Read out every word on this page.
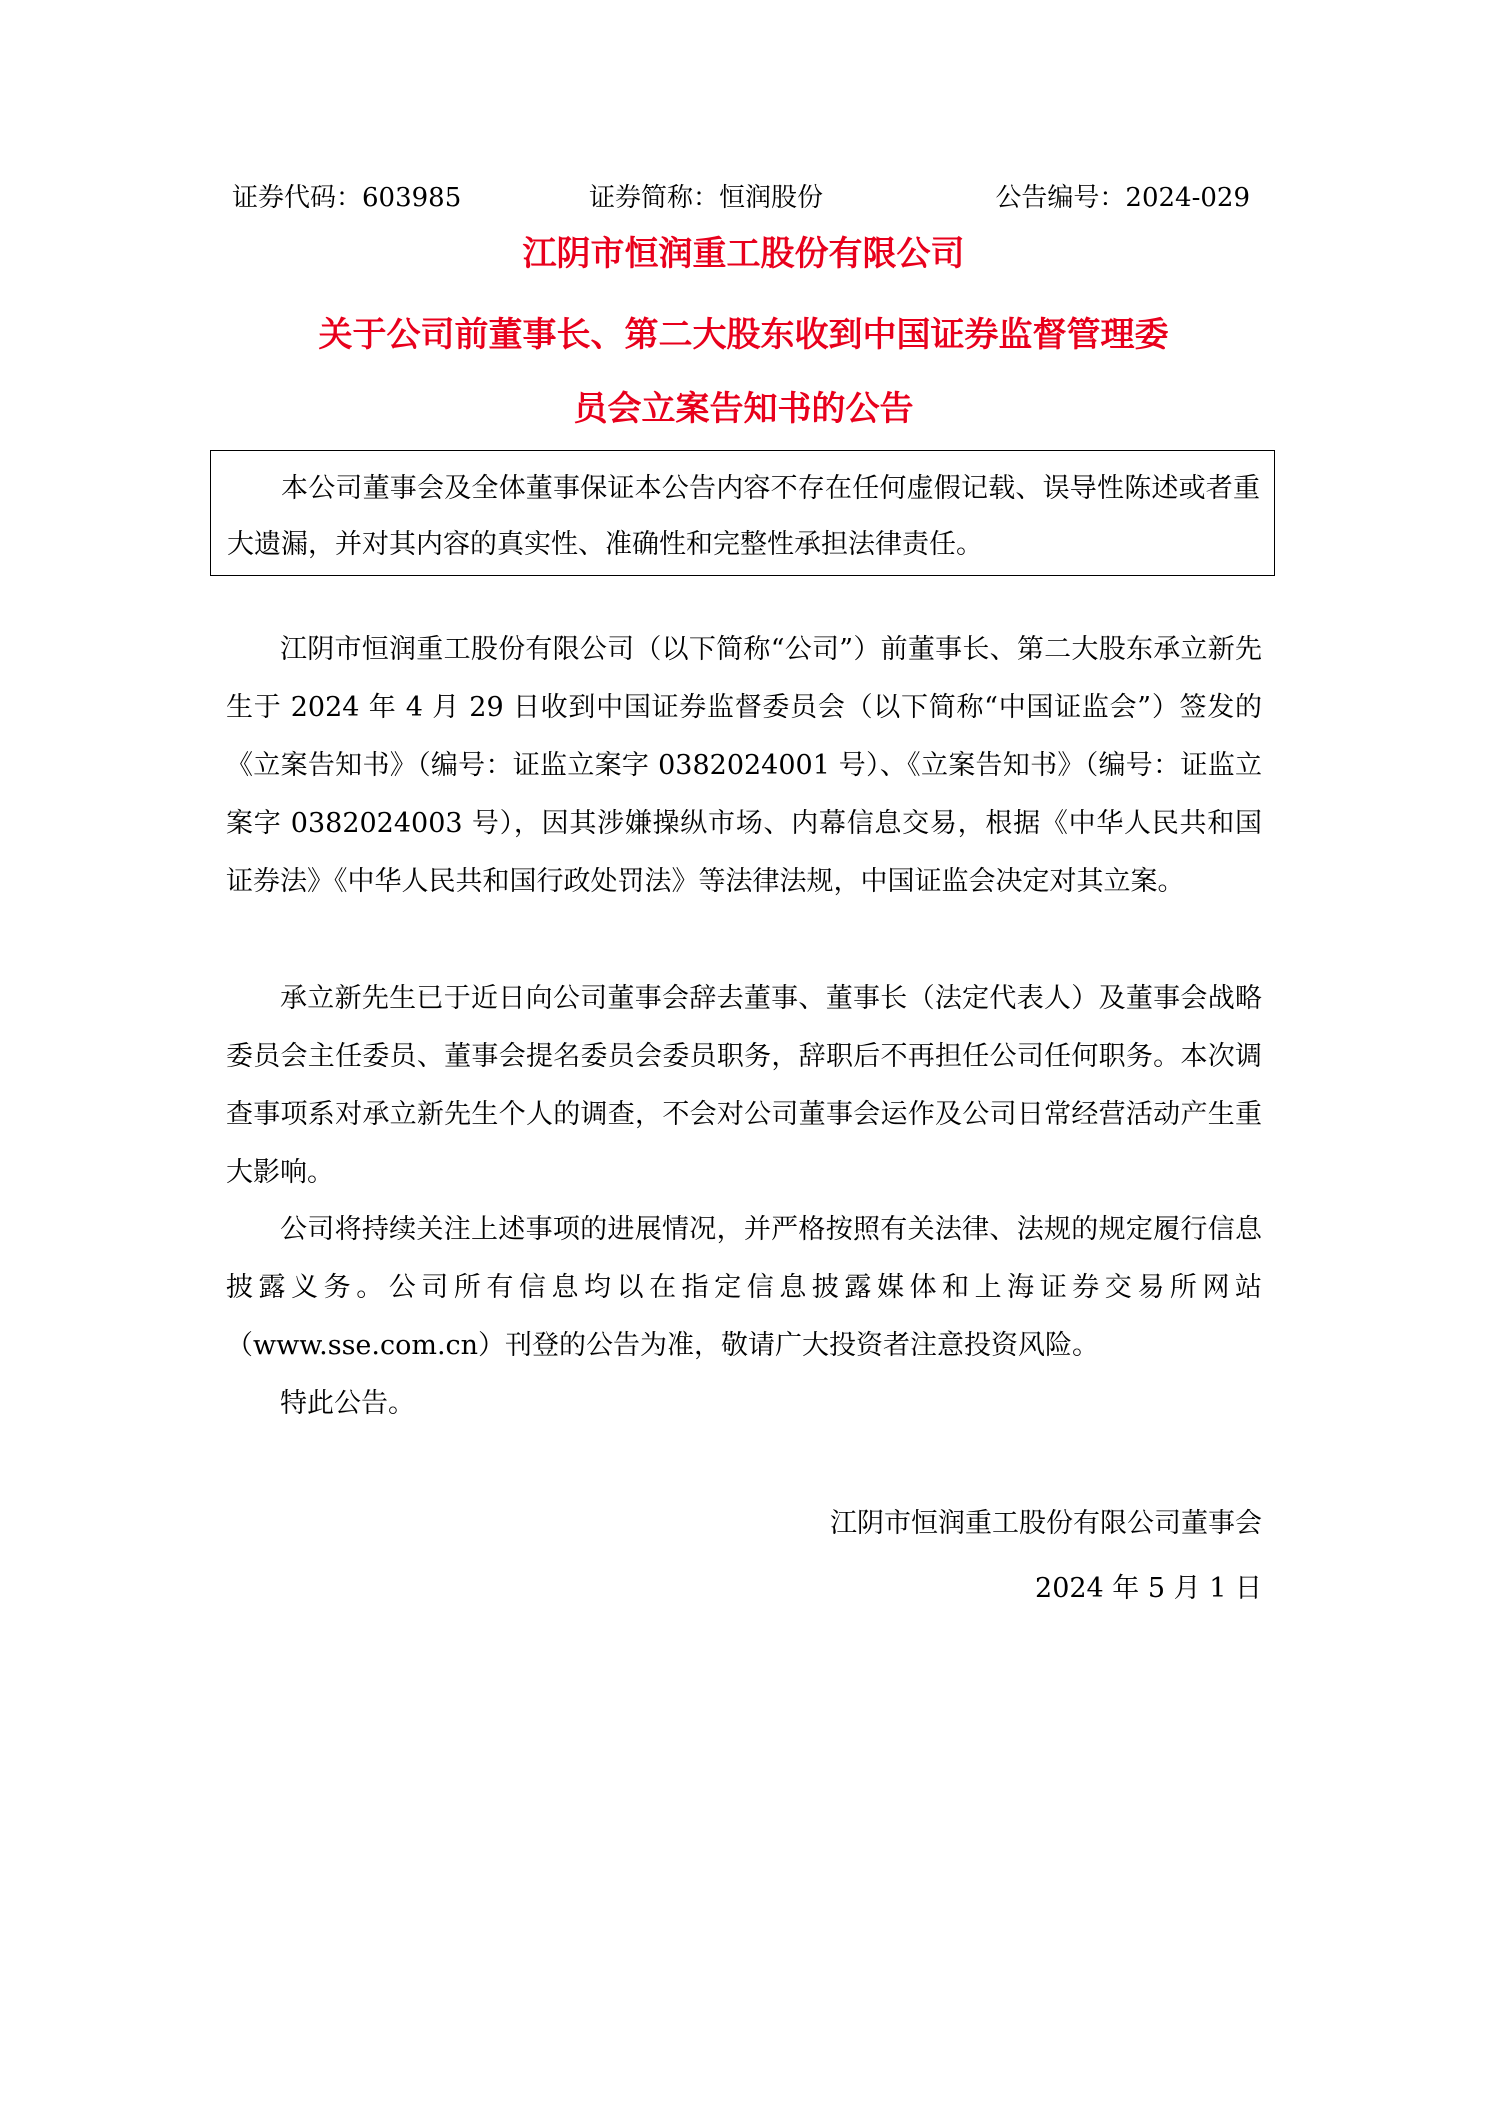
证券代码：603985	证券简称：恒润股份	公告编号：2024-029
江阴市恒润重工股份有限公司
关于公司前董事长、第二大股东收到中国证券监督管理委
员会立案告知书的公告
本公司董事会及全体董事保证本公告内容不存在任何虚假记载、误导性陈述或者重大遗漏，并对其内容的真实性、准确性和完整性承担法律责任。

江阴市恒润重工股份有限公司（以下简称“公司”）前董事长、第二大股东承立新先生于 2024 年 4 月 29 日收到中国证券监督委员会（以下简称“中国证监会”）签发的《立案告知书》（编号：证监立案字 0382024001 号）、《立案告知书》（编号：证监立案字 0382024003 号），因其涉嫌操纵市场、内幕信息交易，根据《中华人民共和国证券法》《中华人民共和国行政处罚法》等法律法规，中国证监会决定对其立案。

承立新先生已于近日向公司董事会辞去董事、董事长（法定代表人）及董事会战略委员会主任委员、董事会提名委员会委员职务，辞职后不再担任公司任何职务。本次调查事项系对承立新先生个人的调查，不会对公司董事会运作及公司日常经营活动产生重大影响。

公司将持续关注上述事项的进展情况，并严格按照有关法律、法规的规定履行信息披露义务。公司所有信息均以在指定信息披露媒体和上海证券交易所网站（www.sse.com.cn）刊登的公告为准，敬请广大投资者注意投资风险。

特此公告。

江阴市恒润重工股份有限公司董事会
2024 年 5 月 1 日
